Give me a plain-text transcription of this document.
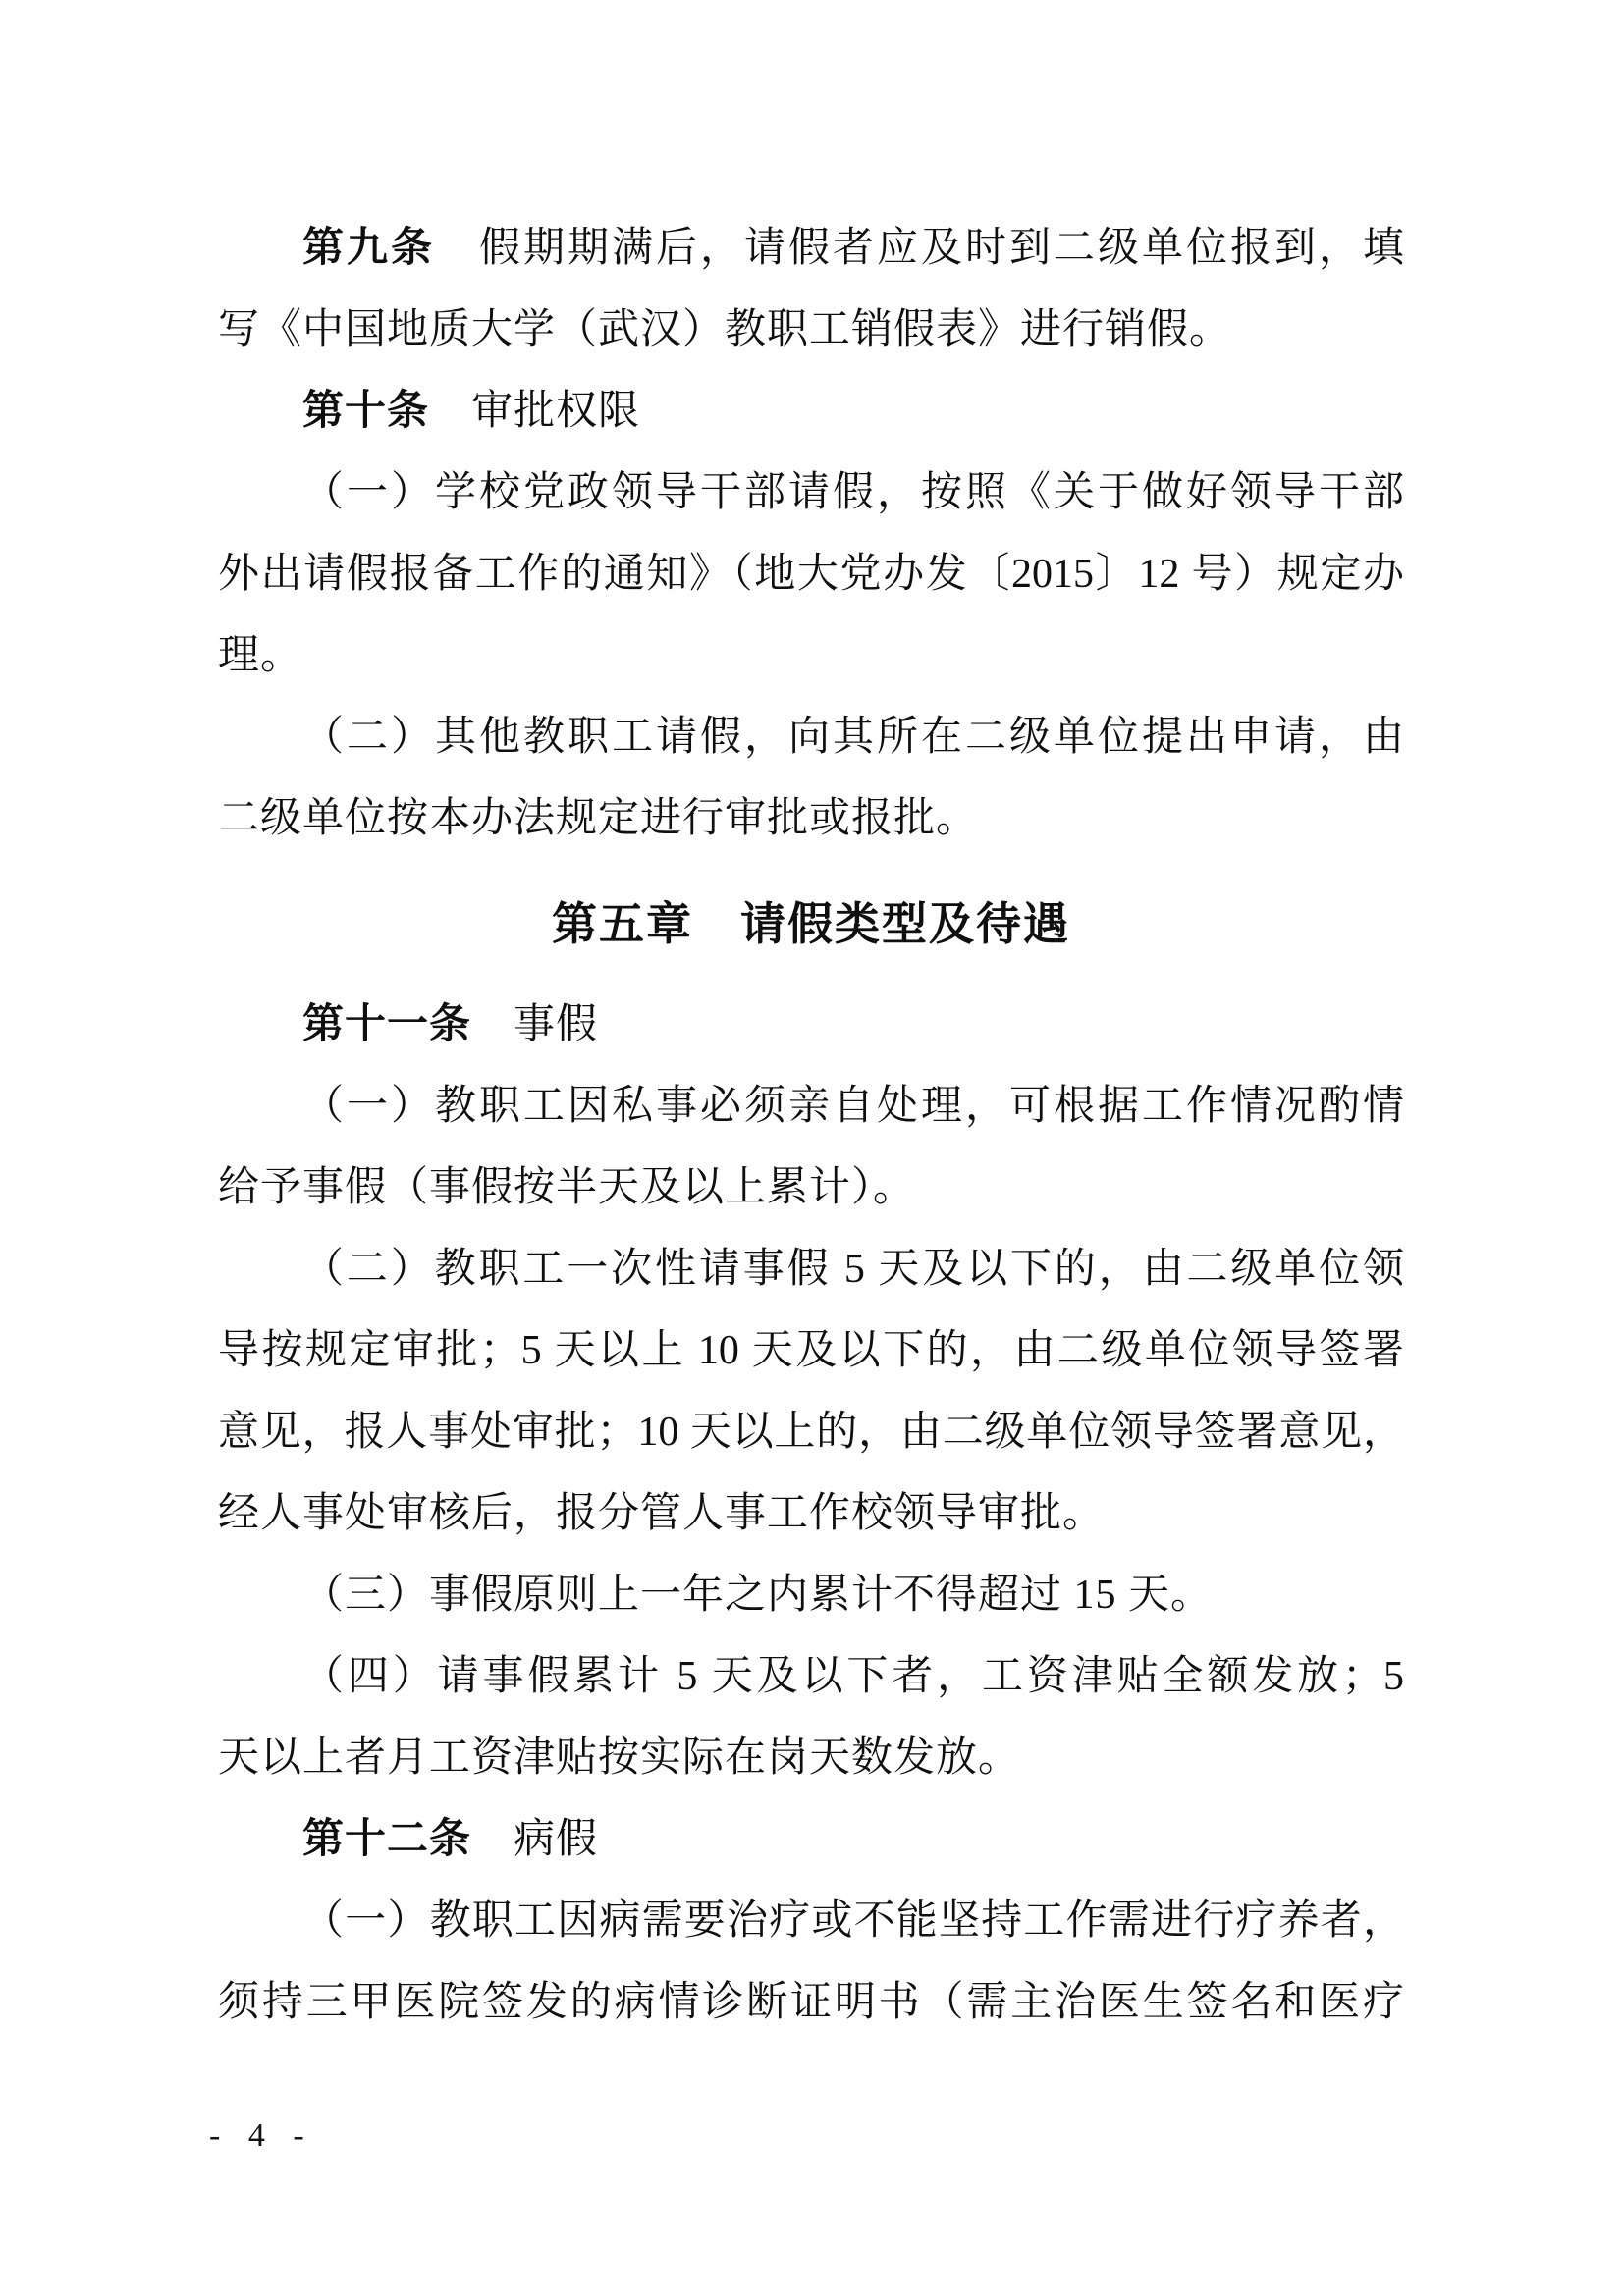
第九条　假期期满后，请假者应及时到二级单位报到，填
写《中国地质大学（武汉）教职工销假表》进行销假。
第十条　审批权限
（一）学校党政领导干部请假，按照《关于做好领导干部
外出请假报备工作的通知》（地大党办发〔2015〕12 号）规定办
理。
（二）其他教职工请假，向其所在二级单位提出申请，由
二级单位按本办法规定进行审批或报批。
第五章　请假类型及待遇
第十一条　事假
（一）教职工因私事必须亲自处理，可根据工作情况酌情
给予事假（事假按半天及以上累计）。
（二）教职工一次性请事假 5 天及以下的，由二级单位领
导按规定审批；5 天以上 10 天及以下的，由二级单位领导签署
意见，报人事处审批；10 天以上的，由二级单位领导签署意见，
经人事处审核后，报分管人事工作校领导审批。
（三）事假原则上一年之内累计不得超过 15 天。
（四）请事假累计 5 天及以下者，工资津贴全额发放；5
天以上者月工资津贴按实际在岗天数发放。
第十二条　病假
（一）教职工因病需要治疗或不能坚持工作需进行疗养者，
须持三甲医院签发的病情诊断证明书（需主治医生签名和医疗
- 4 -
